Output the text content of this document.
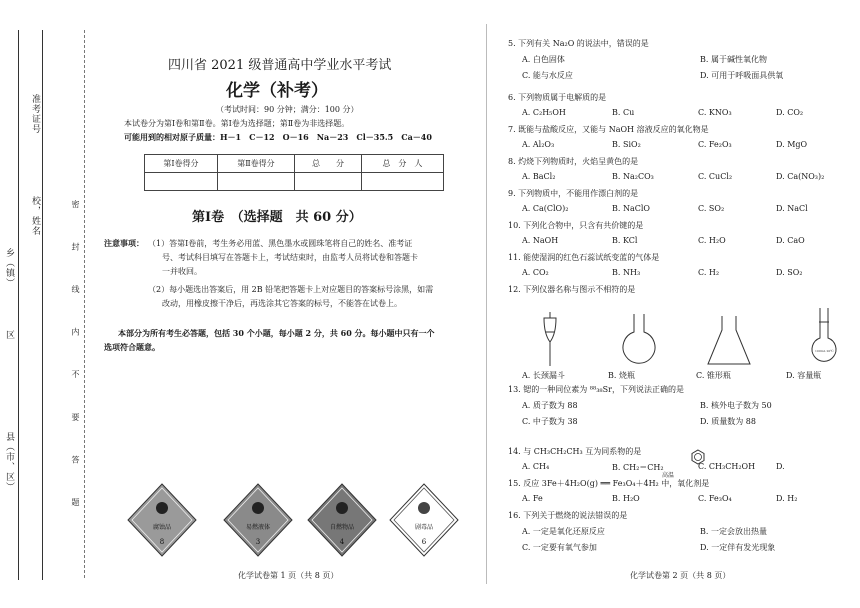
县（市、区）
区
乡（镇）
校，姓名
准考证号
密 封 线 内 不 要 答 题
四川省 2021 级普通高中学业水平考试
化学（补考）
（考试时间：90 分钟；满分：100 分）
本试卷分为第Ⅰ卷和第Ⅱ卷。第Ⅰ卷为选择题；第Ⅱ卷为非选择题。
可能用到的相对原子质量：H－1　C－12　O－16　Na－23　Cl－35.5　Ca－40
第Ⅰ卷得分	第Ⅱ卷得分	总　　分	总　分　人

第Ⅰ卷　（选择题　共 60 分）
注意事项： （1）答第Ⅰ卷前，考生务必用蓝、黑色墨水或圆珠笔将自己的姓名、准考证
号、考试科目填写在答题卡上，考试结束时，由监考人员将试卷和答题卡
一并收回。
（2）每小题选出答案后，用 2B 铅笔把答题卡上对应题目的答案标号涂黑，如需
改动，用橡皮擦干净后，再选涂其它答案的标号，不能答在试卷上。
本部分为所有考生必答题，包括 30 个小题，每小题 2 分，共 60 分。每小题中只有一个
选项符合题意。
腐蚀品
8
易燃液体
3
自燃物品
4
剧毒品
6
化学试卷第 1 页（共 8 页）
5. 下列有关 Na₂O 的说法中，错误的是
A. 白色固体	B. 属于碱性氧化物
C. 能与水反应	D. 可用于呼吸面具供氧
6. 下列物质属于电解质的是
A. C₂H₅OH	B. Cu	C. KNO₃	D. CO₂
7. 既能与盐酸反应，又能与 NaOH 溶液反应的氧化物是
A. Al₂O₃	B. SiO₂	C. Fe₂O₃	D. MgO
8. 灼烧下列物质时，火焰呈黄色的是
A. BaCl₂	B. Na₂CO₃	C. CuCl₂	D. Ca(NO₃)₂
9. 下列物质中，不能用作漂白剂的是
A. Ca(ClO)₂	B. NaClO	C. SO₂	D. NaCl
10. 下列化合物中，只含有共价键的是
A. NaOH	B. KCl	C. H₂O	D. CaO
11. 能使湿润的红色石蕊试纸变蓝的气体是
A. CO₂	B. NH₃	C. H₂	D. SO₂
12. 下列仪器名称与图示不相符的是
A. 长颈漏斗	B. 烧瓶	C. 锥形瓶	D. 容量瓶
13. 锶的一种同位素为 ⁸⁸₃₈Sr，下列说法正确的是
A. 质子数为 88	B. 核外电子数为 50
C. 中子数为 38	D. 质量数为 88
14. 与 CH₃CH₂CH₃ 互为同系物的是
A. CH₄	B. CH₂＝CH₂	C. CH₃CH₂OH	D.
15. 反应 3Fe＋4H₂O(g) ══ Fe₃O₄＋4H₂ 中，氧化剂是
A. Fe	B. H₂O	C. Fe₃O₄	D. H₂
16. 下列关于燃烧的说法错误的是
A. 一定是氧化还原反应	B. 一定会放出热量
C. 一定要有氧气参加	D. 一定伴有发光现象
100mL 20℃
高温
化学试卷第 2 页（共 8 页）
